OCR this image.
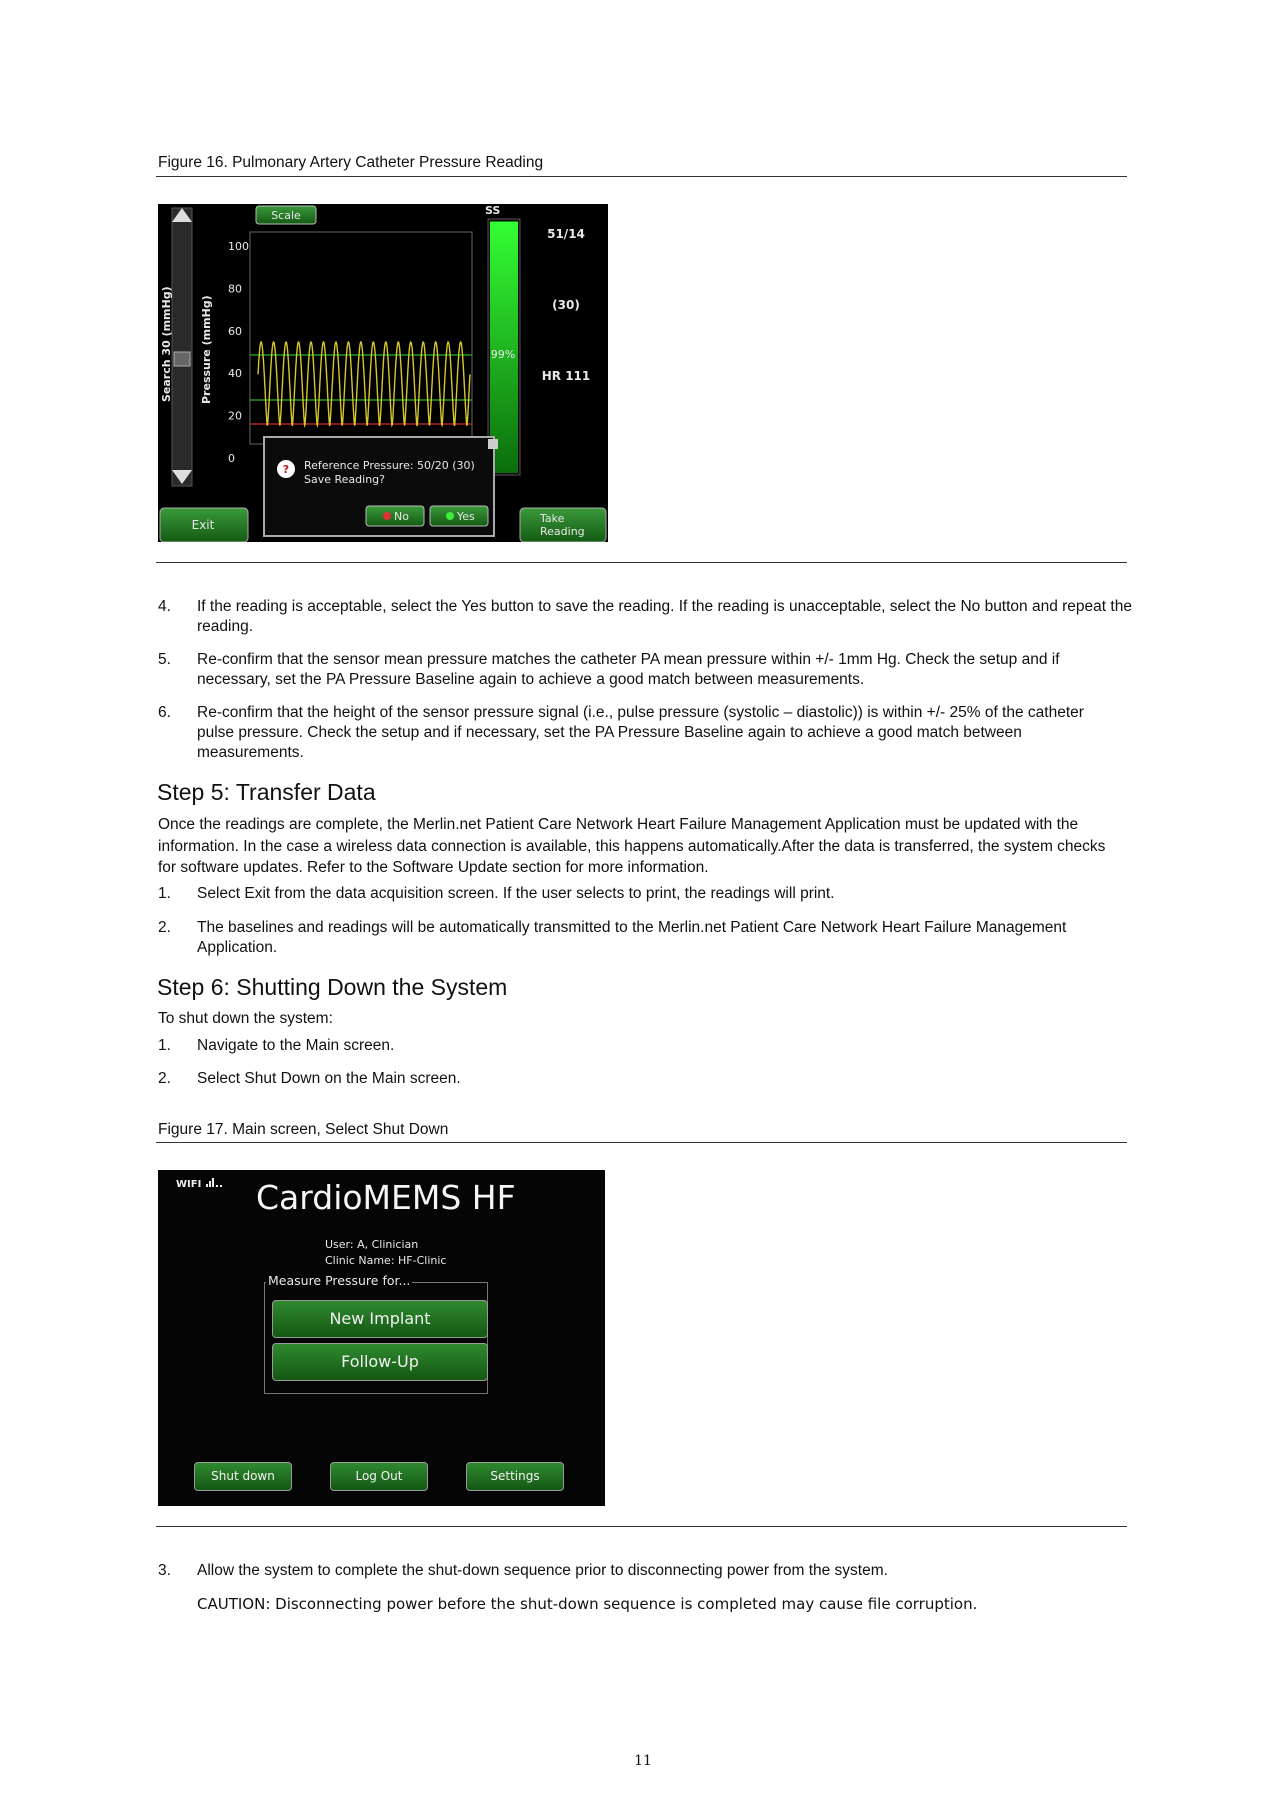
Figure 16. Pulmonary Artery Catheter Pressure Reading
Search 30 (mmHg) Pressure (mmHg)
Scale
100
80
60
40
20
0
SS
99%
51/14
(30)
HR 111
Exit	Take
Reading
? Reference Pressure: 50/20 (30)
Save Reading?
No	Yes
4. If the reading is acceptable, select the Yes button to save the reading. If the reading is unacceptable, select the No button and repeat the reading.
5. Re-confirm that the sensor mean pressure matches the catheter PA mean pressure within +/- 1mm Hg. Check the setup and if necessary, set the PA Pressure Baseline again to achieve a good match between measurements.
6. Re-confirm that the height of the sensor pressure signal (i.e., pulse pressure (systolic – diastolic)) is within +/- 25% of the catheter pulse pressure. Check the setup and if necessary, set the PA Pressure Baseline again to achieve a good match between measurements.
Step 5: Transfer Data
Once the readings are complete, the Merlin.net Patient Care Network Heart Failure Management Application must be updated with the information. In the case a wireless data connection is available, this happens automatically.After the data is transferred, the system checks for software updates. Refer to the Software Update section for more information.
1. Select Exit from the data acquisition screen. If the user selects to print, the readings will print.
2. The baselines and readings will be automatically transmitted to the Merlin.net Patient Care Network Heart Failure Management Application.
Step 6: Shutting Down the System
To shut down the system:
1. Navigate to the Main screen.
2. Select Shut Down on the Main screen.
Figure 17. Main screen, Select Shut Down
WIFI	CardioMEMS HF
User: A, Clinician
Clinic Name: HF-Clinic
Measure Pressure for...
New Implant
Follow-Up
Shut down	Log Out	Settings
3. Allow the system to complete the shut-down sequence prior to disconnecting power from the system.
CAUTION: Disconnecting power before the shut-down sequence is completed may cause file corruption.
11
